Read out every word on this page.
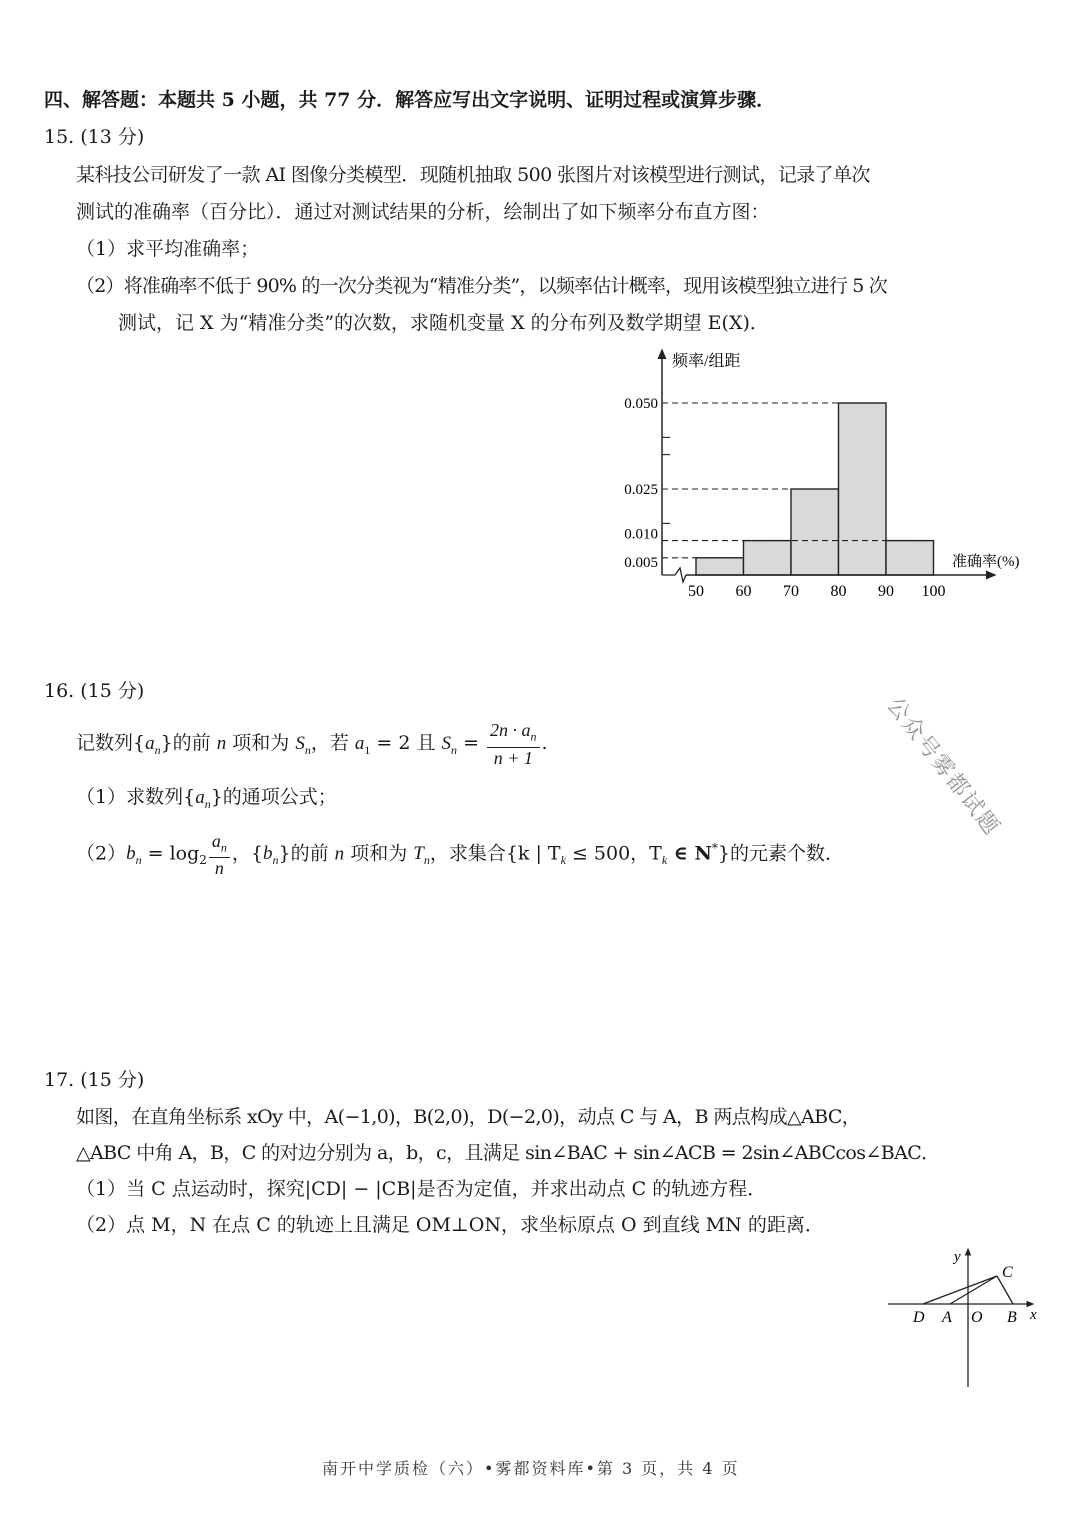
四、解答题：本题共 5 小题，共 77 分．解答应写出文字说明、证明过程或演算步骤．
15. (13 分)
某科技公司研发了一款 AI 图像分类模型．现随机抽取 500 张图片对该模型进行测试，记录了单次
测试的准确率（百分比）．通过对测试结果的分析，绘制出了如下频率分布直方图：
（1）求平均准确率；
（2）将准确率不低于 90% 的一次分类视为“精准分类”，以频率估计概率，现用该模型独立进行 5 次
测试，记 X 为“精准分类”的次数，求随机变量 X 的分布列及数学期望 E(X)．
0.005
0.010
0.025
0.050
50 60 70 80 90 100
频率/组距
准确率(%)
16. (15 分)
记数列$\{a_n\}$的前 n 项和为 $S_n$，若 $a_1 = 2$ 且 $S_n = \frac{2n \cdot a_n}{n + 1}$ .
（1）求数列$\{a_n\}$的通项公式；
$(2)b_n = \log_2 \frac{a_n}{n}$ ，$\{b_n\}$的前 n 项和为 $T_n$，求集合{k | $T_k \le 500$，$T_k$ ∈ N*}的元素个数．
公众号雾都试题
17. (15 分)
如图，在直角坐标系 xOy 中，A(−1,0)，B(2,0)，D(−2,0)，动点 C 与 A，B 两点构成△ABC，
△ABC 中角 A，B，C 的对边分别为 a，b，c，且满足 sin∠BAC + sin∠ACB = 2sin∠ABCcos∠BAC．
（1）当 C 点运动时，探究|CD| − |CB|是否为定值，并求出动点 C 的轨迹方程．
（2）点 M，N 在点 C 的轨迹上且满足 OM⊥ON，求坐标原点 O 到直线 MN 的距离．
y
C
D A O B x
南开中学质检（六）•雾都资料库•第 3 页，共 4 页
